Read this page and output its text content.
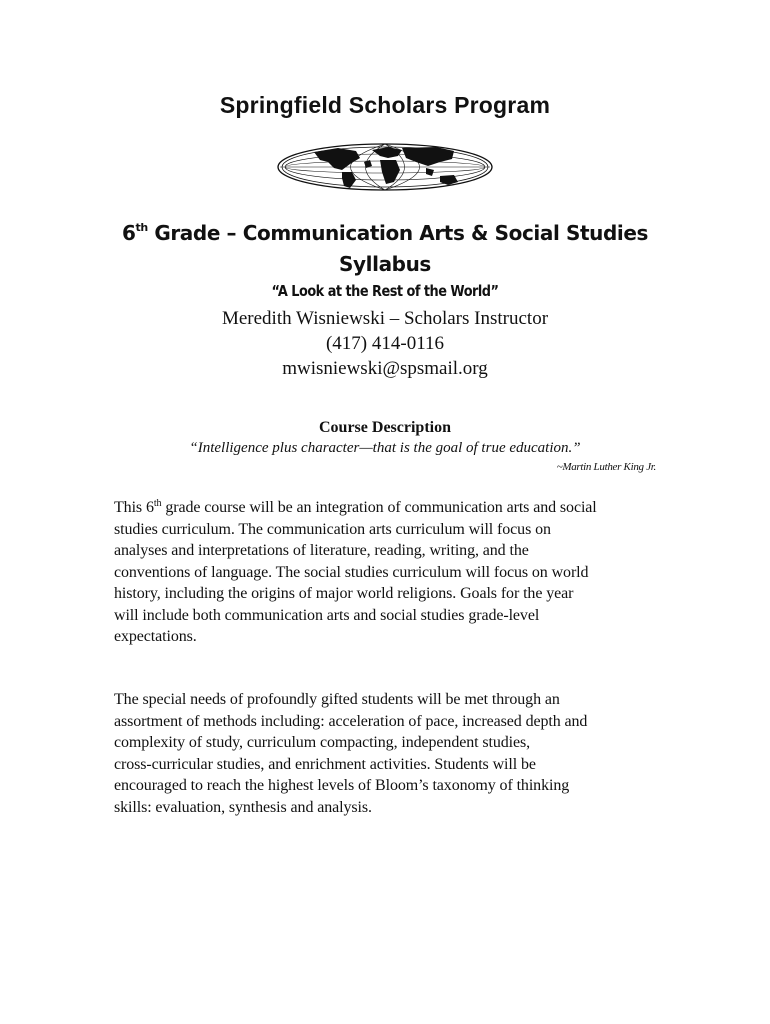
Springfield Scholars Program
6th Grade – Communication Arts & Social Studies
Syllabus
“A Look at the Rest of the World”
Meredith Wisniewski – Scholars Instructor
(417) 414-0116
mwisniewski@spsmail.org
Course Description
“Intelligence plus character—that is the goal of true education.”
~Martin Luther King Jr.
This 6th grade course will be an integration of communication arts and social
studies curriculum. The communication arts curriculum will focus on
analyses and interpretations of literature, reading, writing, and the
conventions of language. The social studies curriculum will focus on world
history, including the origins of major world religions. Goals for the year
will include both communication arts and social studies grade-level
expectations.
The special needs of profoundly gifted students will be met through an
assortment of methods including: acceleration of pace, increased depth and
complexity of study, curriculum compacting, independent studies,
cross-curricular studies, and enrichment activities. Students will be
encouraged to reach the highest levels of Bloom’s taxonomy of thinking
skills: evaluation, synthesis and analysis.
